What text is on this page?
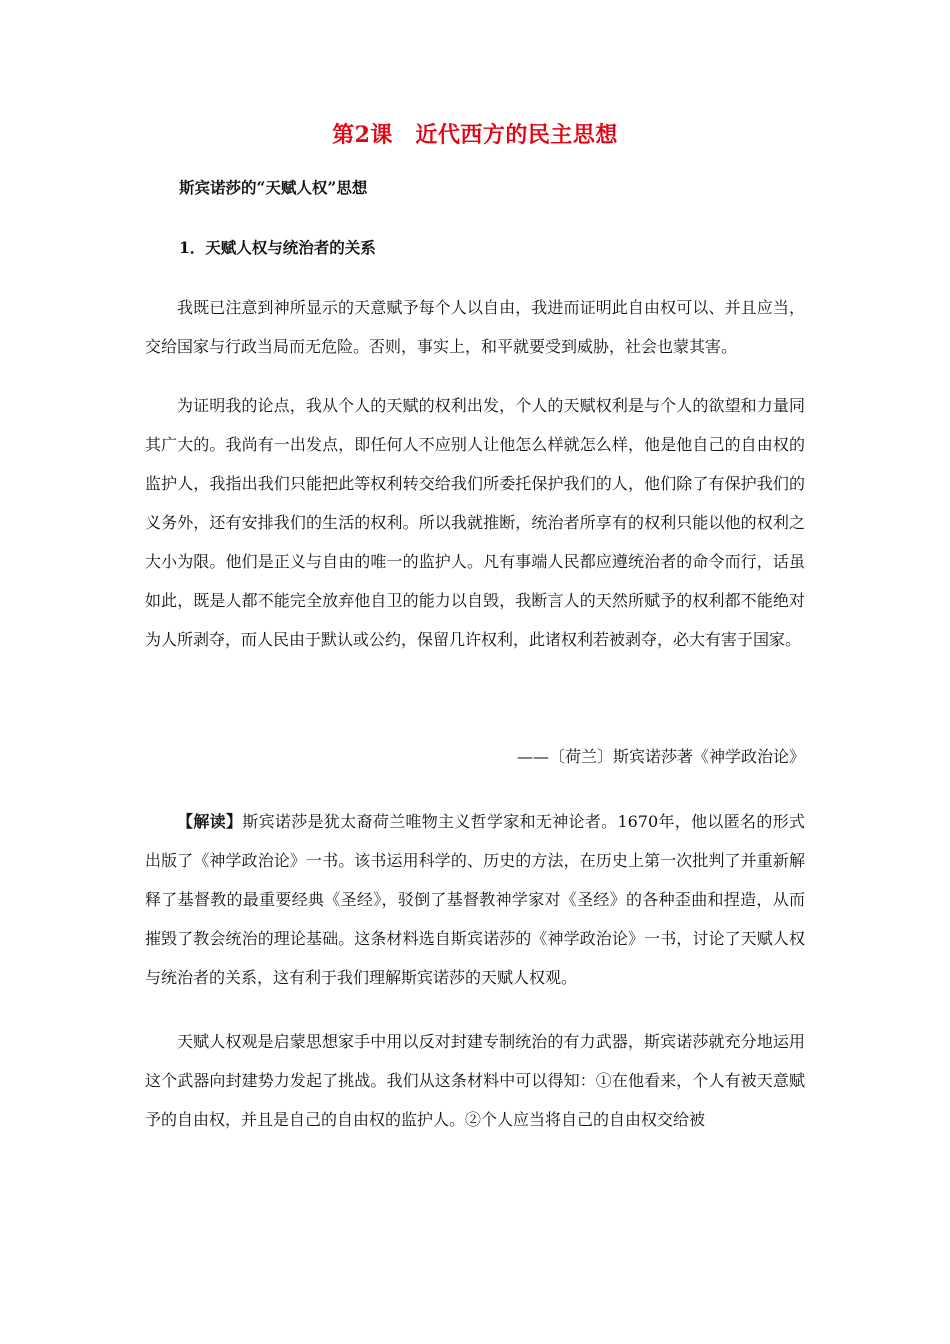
第2课　近代西方的民主思想
斯宾诺莎的“天赋人权”思想
1．天赋人权与统治者的关系

我既已注意到神所显示的天意赋予每个人以自由，我进而证明此自由权可以、并且应当，交给国家与行政当局而无危险。否则，事实上，和平就要受到威胁，社会也蒙其害。

为证明我的论点，我从个人的天赋的权利出发，个人的天赋权利是与个人的欲望和力量同其广大的。我尚有一出发点，即任何人不应别人让他怎么样就怎么样，他是他自己的自由权的监护人，我指出我们只能把此等权利转交给我们所委托保护我们的人，他们除了有保护我们的义务外，还有安排我们的生活的权利。所以我就推断，统治者所享有的权利只能以他的权利之大小为限。他们是正义与自由的唯一的监护人。凡有事端人民都应遵统治者的命令而行，话虽如此，既是人都不能完全放弃他自卫的能力以自毁，我断言人的天然所赋予的权利都不能绝对为人所剥夺，而人民由于默认或公约，保留几许权利，此诸权利若被剥夺，必大有害于国家。

——〔荷兰〕斯宾诺莎著《神学政治论》

【解读】斯宾诺莎是犹太裔荷兰唯物主义哲学家和无神论者。1670年，他以匿名的形式出版了《神学政治论》一书。该书运用科学的、历史的方法，在历史上第一次批判了并重新解释了基督教的最重要经典《圣经》，驳倒了基督教神学家对《圣经》的各种歪曲和捏造，从而摧毁了教会统治的理论基础。这条材料选自斯宾诺莎的《神学政治论》一书，讨论了天赋人权与统治者的关系，这有利于我们理解斯宾诺莎的天赋人权观。

天赋人权观是启蒙思想家手中用以反对封建专制统治的有力武器，斯宾诺莎就充分地运用这个武器向封建势力发起了挑战。我们从这条材料中可以得知：①在他看来，个人有被天意赋予的自由权，并且是自己的自由权的监护人。②个人应当将自己的自由权交给被
